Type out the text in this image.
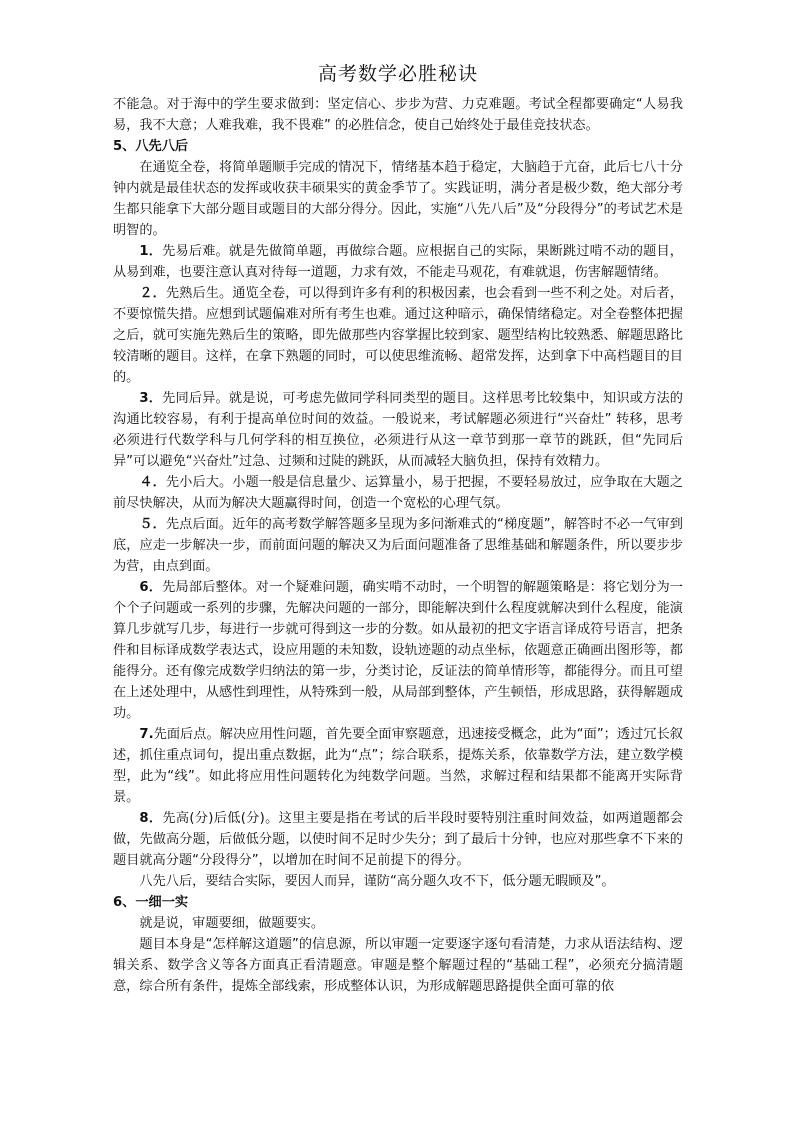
高考数学必胜秘诀

不能急。对于海中的学生要求做到：坚定信心、步步为营、力克难题。考试全程都要确定“人易我易，我不大意；人难我难，我不畏难” 的必胜信念，使自己始终处于最佳竞技状态。

5、八先八后

在通览全卷，将简单题顺手完成的情况下，情绪基本趋于稳定，大脑趋于亢奋，此后七八十分钟内就是最佳状态的发挥或收获丰硕果实的黄金季节了。实践证明，满分者是极少数，绝大部分考生都只能拿下大部分题目或题目的大部分得分。因此，实施“八先八后”及“分段得分”的考试艺术是明智的。

1．先易后难。就是先做简单题，再做综合题。应根据自己的实际，果断跳过啃不动的题目，从易到难，也要注意认真对待每一道题，力求有效，不能走马观花，有难就退，伤害解题情绪。

２．先熟后生。通览全卷，可以得到许多有利的积极因素，也会看到一些不利之处。对后者，不要惊慌失措。应想到试题偏难对所有考生也难。通过这种暗示，确保情绪稳定。对全卷整体把握之后，就可实施先熟后生的策略，即先做那些内容掌握比较到家、题型结构比较熟悉、解题思路比较清晰的题目。这样，在拿下熟题的同时，可以使思维流畅、超常发挥，达到拿下中高档题目的目的。

3．先同后异。就是说，可考虑先做同学科同类型的题目。这样思考比较集中，知识或方法的沟通比较容易，有利于提高单位时间的效益。一般说来，考试解题必须进行“兴奋灶” 转移，思考必须进行代数学科与几何学科的相互换位，必须进行从这一章节到那一章节的跳跃，但“先同后异”可以避免“兴奋灶”过急、过频和过陡的跳跃，从而减轻大脑负担，保持有效精力。

４．先小后大。小题一般是信息量少、运算量小，易于把握，不要轻易放过，应争取在大题之前尽快解决，从而为解决大题赢得时间，创造一个宽松的心理气氛。

５．先点后面。近年的高考数学解答题多呈现为多问渐难式的“梯度题”，解答时不必一气审到底，应走一步解决一步，而前面问题的解决又为后面问题准备了思维基础和解题条件，所以要步步为营，由点到面。

6．先局部后整体。对一个疑难问题，确实啃不动时，一个明智的解题策略是：将它划分为一个个子问题或一系列的步骤，先解决问题的一部分，即能解决到什么程度就解决到什么程度，能演算几步就写几步，每进行一步就可得到这一步的分数。如从最初的把文字语言译成符号语言，把条件和目标译成数学表达式，设应用题的未知数，设轨迹题的动点坐标，依题意正确画出图形等，都能得分。还有像完成数学归纳法的第一步，分类讨论，反证法的简单情形等，都能得分。而且可望在上述处理中，从感性到理性，从特殊到一般，从局部到整体，产生顿悟，形成思路，获得解题成功。

7.先面后点。解决应用性问题，首先要全面审察题意，迅速接受概念，此为“面”；透过冗长叙述，抓住重点词句，提出重点数据，此为“点”；综合联系，提炼关系，依靠数学方法，建立数学模型，此为“线”。如此将应用性问题转化为纯数学问题。当然，求解过程和结果都不能离开实际背景。

8．先高(分)后低(分)。这里主要是指在考试的后半段时要特别注重时间效益，如两道题都会做，先做高分题，后做低分题，以使时间不足时少失分；到了最后十分钟，也应对那些拿不下来的题目就高分题“分段得分”，以增加在时间不足前提下的得分。

八先八后，要结合实际，要因人而异，谨防“高分题久攻不下，低分题无暇顾及”。

6、一细一实

就是说，审题要细，做题要实。

题目本身是“怎样解这道题”的信息源，所以审题一定要逐字逐句看清楚，力求从语法结构、逻辑关系、数学含义等各方面真正看清题意。审题是整个解题过程的“基础工程”，必须充分搞清题意，综合所有条件，提炼全部线索，形成整体认识，为形成解题思路提供全面可靠的依
